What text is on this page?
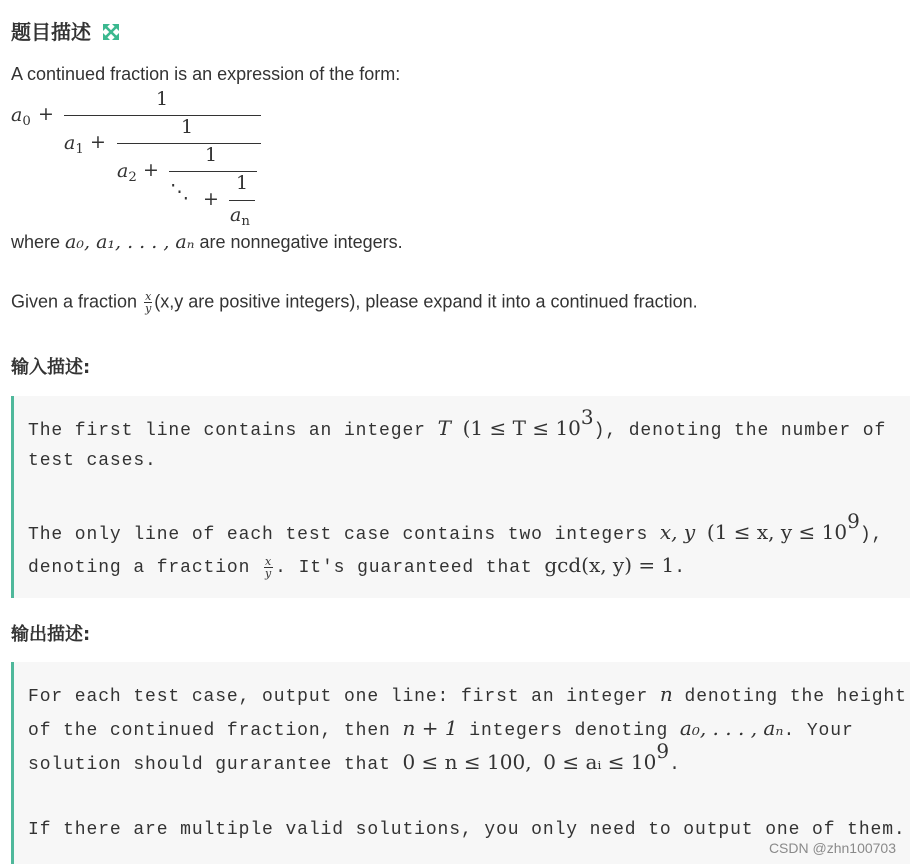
题目描述
A continued fraction is an expression of the form:
$a_0$ +
1
$a_1$ +
1
$a_2$ +
1
⋱ +
1
$a_n$
where a₀, a₁, . . . , aₙ are nonnegative integers.
Given a fraction $\frac{x}{y} (x,y$ are positive integers), please expand it into a continued fraction.
输入描述:
The first line contains an integer T (1 ≤ T ≤ 103), denoting the number of
test cases.
The only line of each test case contains two integers x, y (1 ≤ x, y ≤ 109),
denoting a fraction $\frac{x}{y}$ . It's guaranteed that gcd(x, y) = 1.
输出描述:
For each test case, output one line: first an integer n denoting the height
of the continued fraction, then n + 1 integers denoting a₀, . . . , aₙ. Your
solution should gurarantee that 0 ≤ n ≤ 100, 0 ≤ aᵢ ≤ 109.
If there are multiple valid solutions, you only need to output one of them.
CSDN @zhn100703
